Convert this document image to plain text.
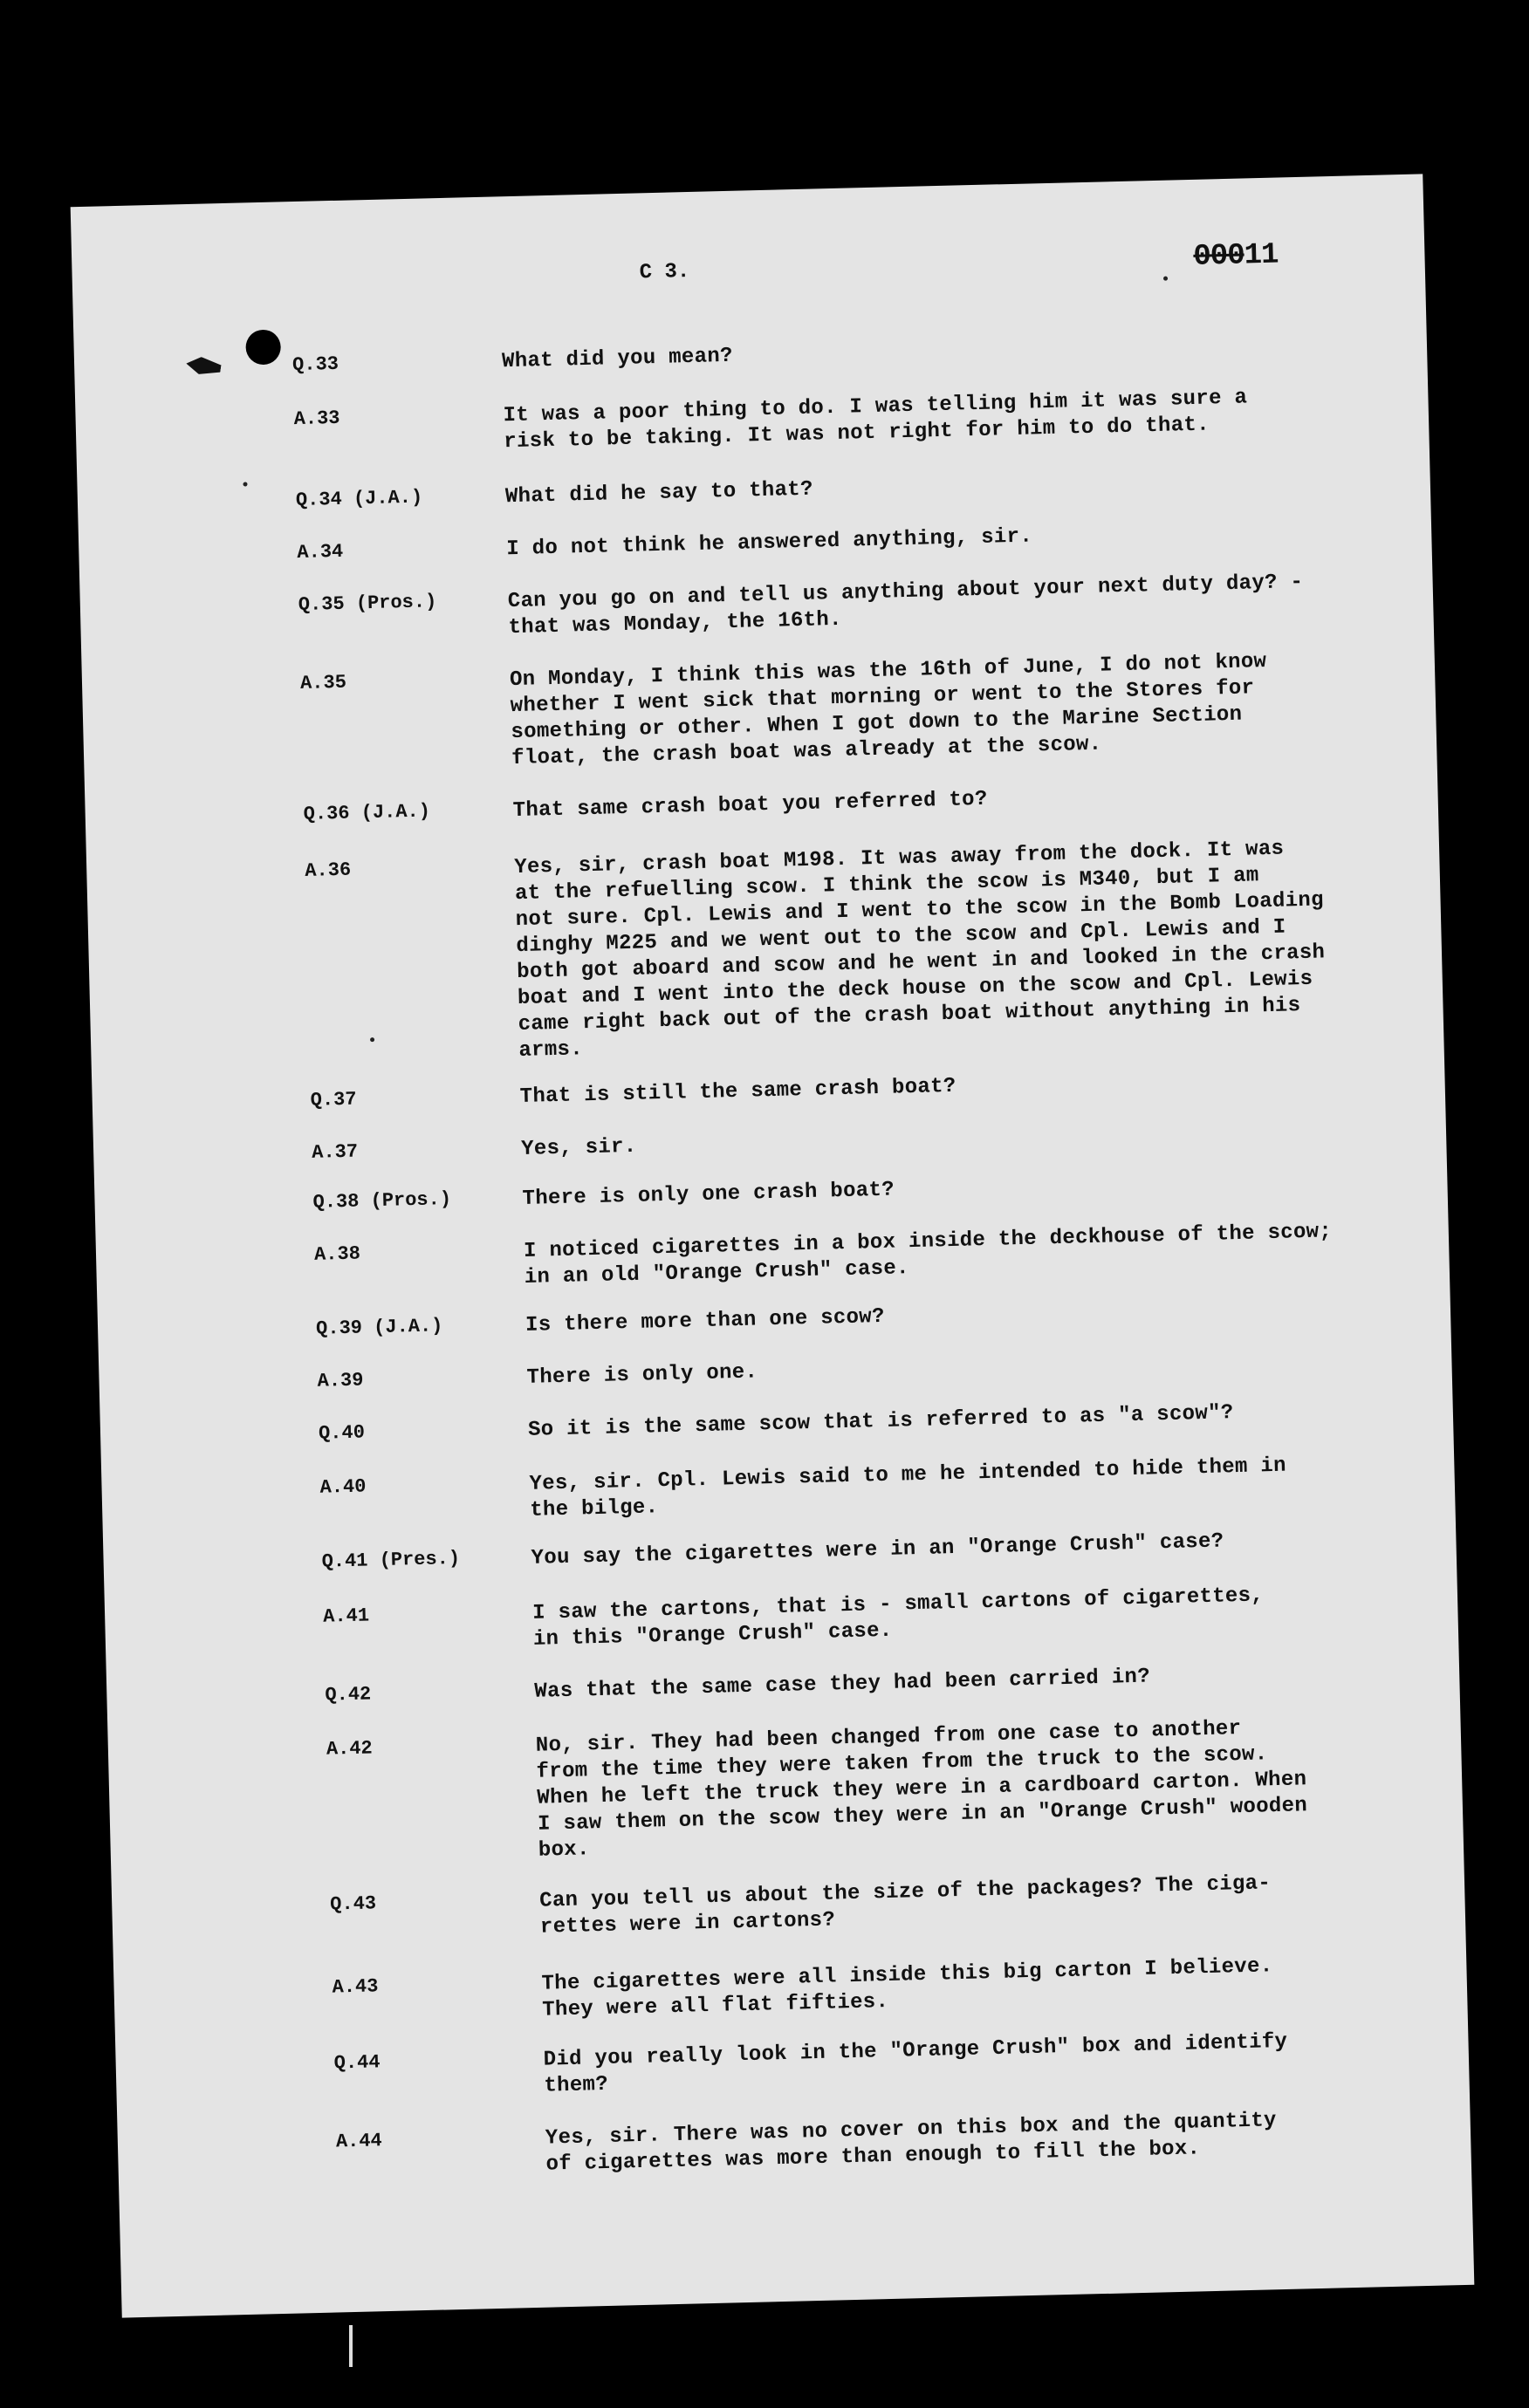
C 3.	00011
Q.33	What did you mean?
A.33	It was a poor thing to do. I was telling him it was sure a
risk to be taking. It was not right for him to do that.
Q.34 (J.A.)	What did he say to that?
A.34	I do not think he answered anything, sir.
Q.35 (Pros.)	Can you go on and tell us anything about your next duty day? -
that was Monday, the 16th.
A.35	On Monday, I think this was the 16th of June, I do not know
whether I went sick that morning or went to the Stores for
something or other. When I got down to the Marine Section
float, the crash boat was already at the scow.
Q.36 (J.A.)	That same crash boat you referred to?
A.36	Yes, sir, crash boat M198. It was away from the dock. It was
at the refuelling scow. I think the scow is M340, but I am
not sure. Cpl. Lewis and I went to the scow in the Bomb Loading
dinghy M225 and we went out to the scow and Cpl. Lewis and I
both got aboard and scow and he went in and looked in the crash
boat and I went into the deck house on the scow and Cpl. Lewis
came right back out of the crash boat without anything in his
arms.
Q.37	That is still the same crash boat?
A.37	Yes, sir.
Q.38 (Pros.)	There is only one crash boat?
A.38	I noticed cigarettes in a box inside the deckhouse of the scow;
in an old "Orange Crush" case.
Q.39 (J.A.)	Is there more than one scow?
A.39	There is only one.
Q.40	So it is the same scow that is referred to as "a scow"?
A.40	Yes, sir. Cpl. Lewis said to me he intended to hide them in
the bilge.
Q.41 (Pres.)	You say the cigarettes were in an "Orange Crush" case?
A.41	I saw the cartons, that is - small cartons of cigarettes,
in this "Orange Crush" case.
Q.42	Was that the same case they had been carried in?
A.42	No, sir. They had been changed from one case to another
from the time they were taken from the truck to the scow.
When he left the truck they were in a cardboard carton. When
I saw them on the scow they were in an "Orange Crush" wooden
box.
Q.43	Can you tell us about the size of the packages? The ciga-
rettes were in cartons?
A.43	The cigarettes were all inside this big carton I believe.
They were all flat fifties.
Q.44	Did you really look in the "Orange Crush" box and identify
them?
A.44	Yes, sir. There was no cover on this box and the quantity
of cigarettes was more than enough to fill the box.
